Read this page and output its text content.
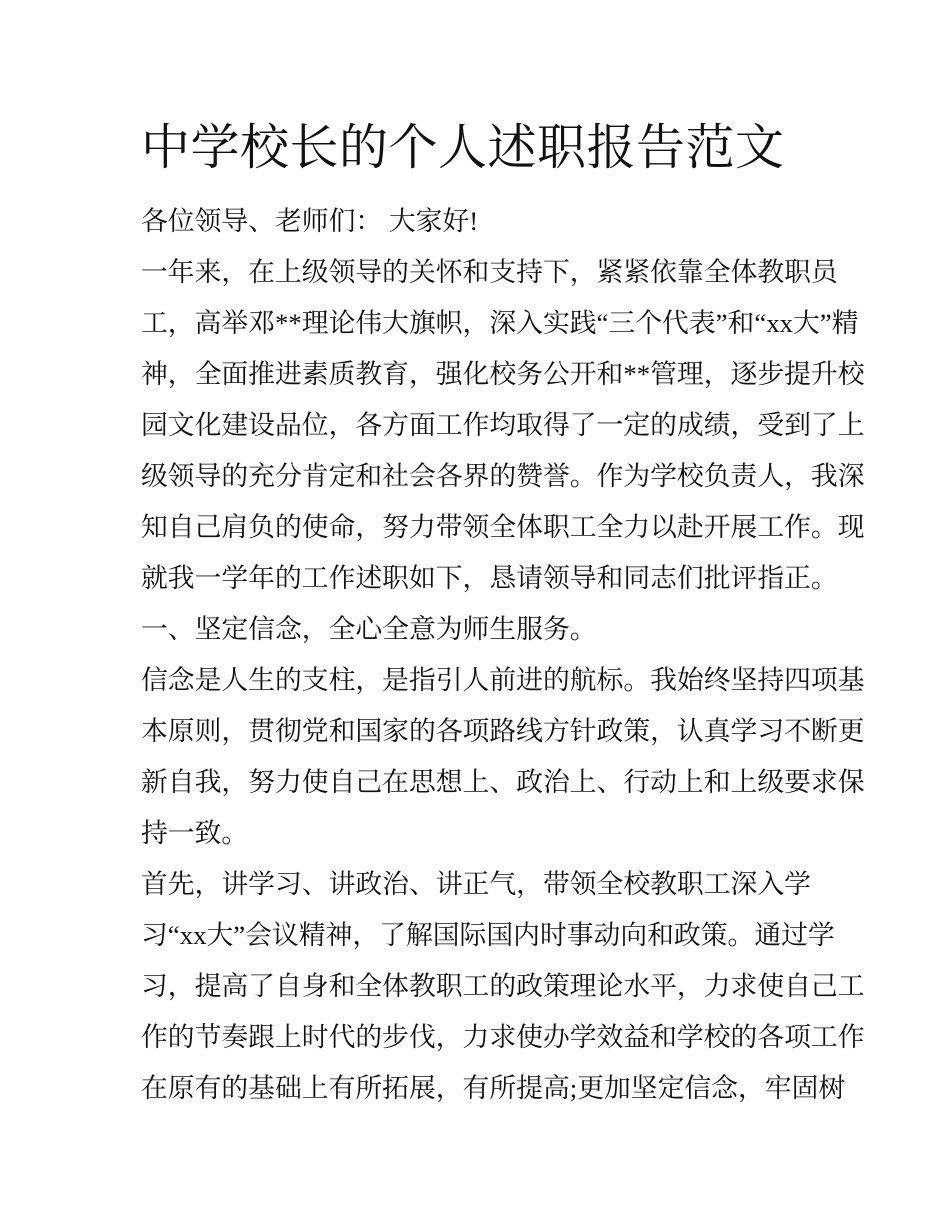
中学校长的个人述职报告范文
各位领导、老师们： 大家好!
一年来，在上级领导的关怀和支持下，紧紧依靠全体教职员
工，高举邓**理论伟大旗帜，深入实践“三个代表”和“xx大”精
神，全面推进素质教育，强化校务公开和**管理，逐步提升校
园文化建设品位，各方面工作均取得了一定的成绩，受到了上
级领导的充分肯定和社会各界的赞誉。作为学校负责人，我深
知自己肩负的使命，努力带领全体职工全力以赴开展工作。现
就我一学年的工作述职如下，恳请领导和同志们批评指正。
一、坚定信念，全心全意为师生服务。
信念是人生的支柱，是指引人前进的航标。我始终坚持四项基
本原则，贯彻党和国家的各项路线方针政策，认真学习不断更
新自我，努力使自己在思想上、政治上、行动上和上级要求保
持一致。
首先，讲学习、讲政治、讲正气，带领全校教职工深入学
习“xx大”会议精神，了解国际国内时事动向和政策。通过学
习，提高了自身和全体教职工的政策理论水平，力求使自己工
作的节奏跟上时代的步伐，力求使办学效益和学校的各项工作
在原有的基础上有所拓展，有所提高;更加坚定信念，牢固树
